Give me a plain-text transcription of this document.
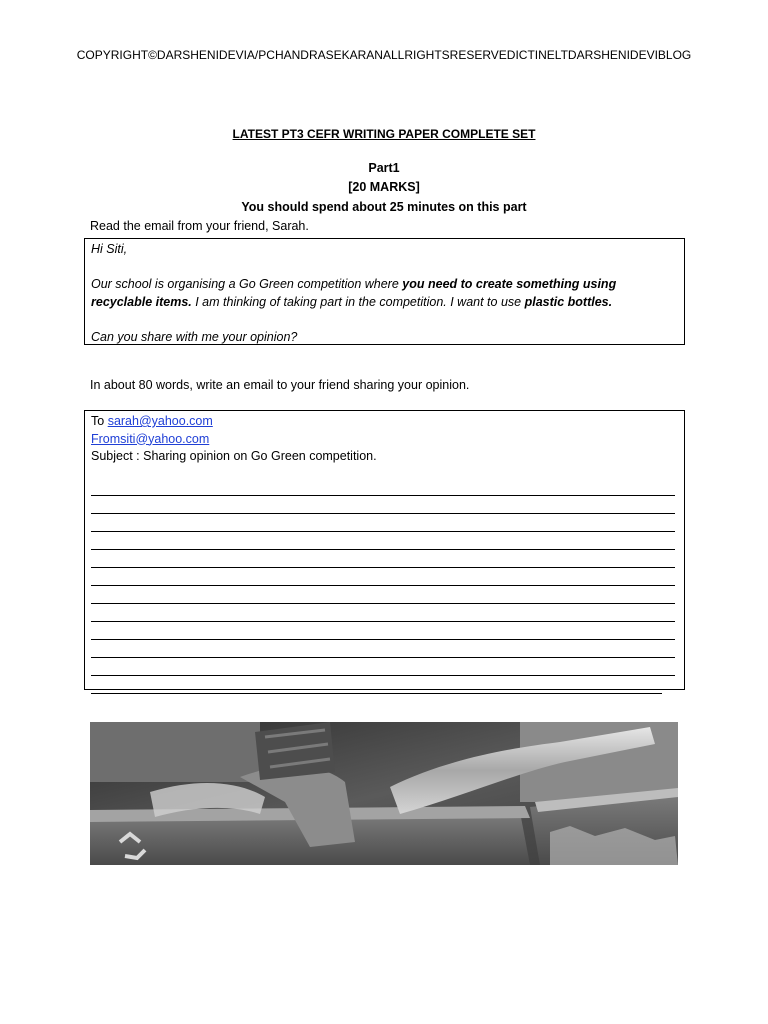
COPYRIGHT©DARSHENIDEVIA/PCHANDRASEKARANALLRIGHTSRESERVEDICTINELTDARSHENIDEVIBLOG
LATEST PT3 CEFR WRITING PAPER COMPLETE SET
Part1
[20 MARKS]
You should spend about 25 minutes on this part
Read the email from your friend, Sarah.

Hi Siti,

Our school is organising a Go Green competition where you need to create something using recyclable items. I am thinking of taking part in the competition. I want to use plastic bottles.

Can you share with me your opinion?

In about 80 words, write an email to your friend sharing your opinion.
To sarah@yahoo.com
Fromsiti@yahoo.com
Subject : Sharing opinion on Go Green competition.
